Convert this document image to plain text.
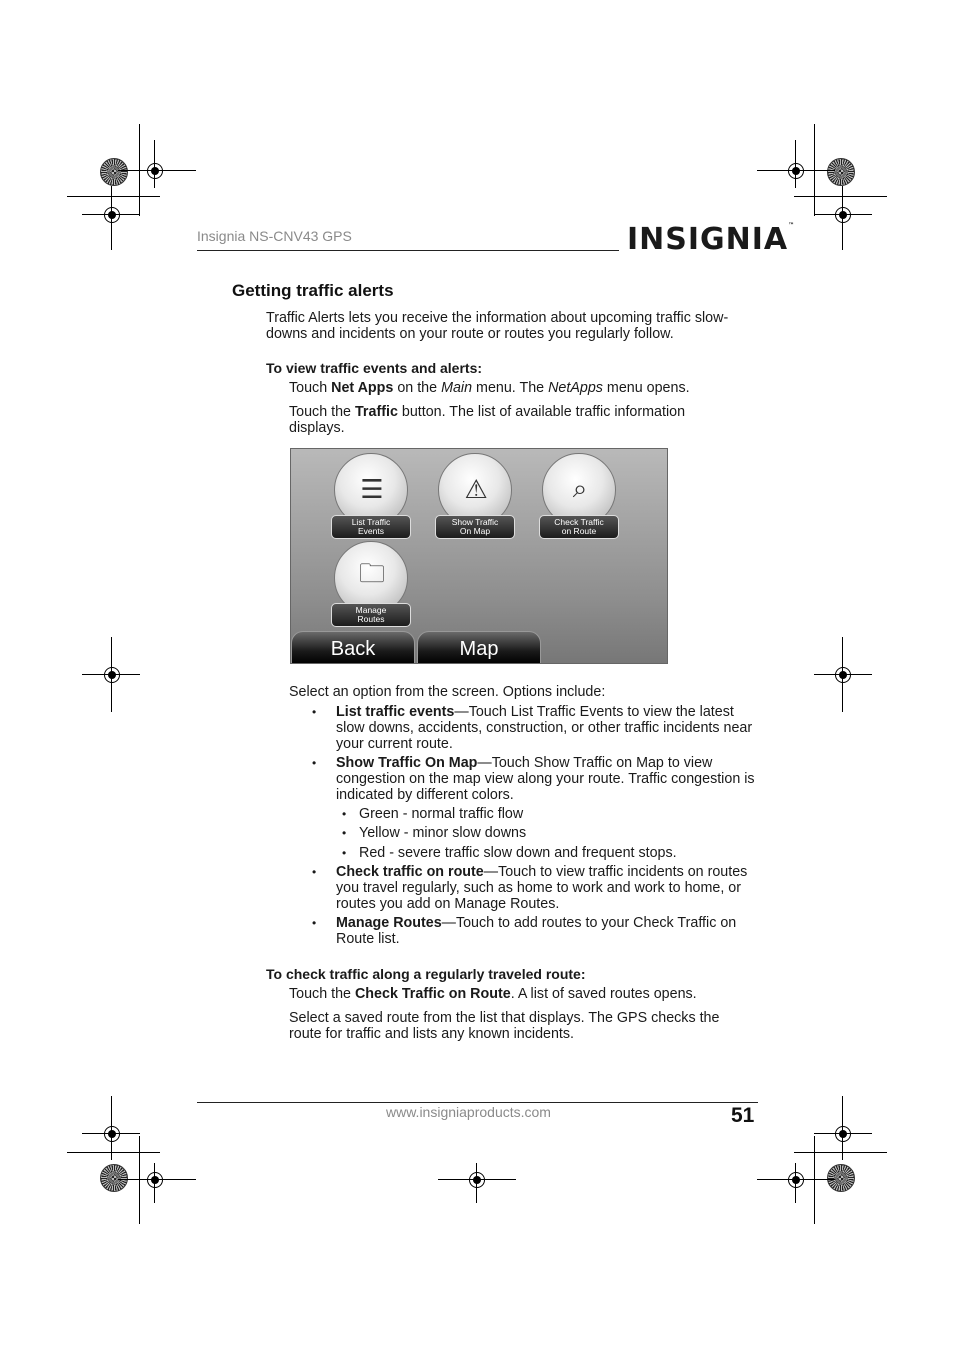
Insignia NS-CNV43 GPS	INSIGNIA™
Getting traffic alerts

Traffic Alerts lets you receive the information about upcoming traffic slow-downs and incidents on your route or routes you regularly follow.

To view traffic events and alerts:

Touch Net Apps on the Main menu. The NetApps menu opens.

Touch the Traffic button. The list of available traffic information displays.

☰
List Traffic
Events
⚠
Show Traffic
On Map
⌕
Check Traffic
on Route
🗀
Manage
Routes
Back	Map

Select an option from the screen. Options include:

• List traffic events—Touch List Traffic Events to view the latest slow downs, accidents, construction, or other traffic incidents near your current route.
• Show Traffic On Map—Touch Show Traffic on Map to view congestion on the map view along your route. Traffic congestion is indicated by different colors.
• Green - normal traffic flow
• Yellow - minor slow downs
• Red - severe traffic slow down and frequent stops.
• Check traffic on route—Touch to view traffic incidents on routes you travel regularly, such as home to work and work to home, or routes you add on Manage Routes.
• Manage Routes—Touch to add routes to your Check Traffic on Route list.

To check traffic along a regularly traveled route:

Touch the Check Traffic on Route. A list of saved routes opens.

Select a saved route from the list that displays. The GPS checks the route for traffic and lists any known incidents.

www.insigniaproducts.com	51
